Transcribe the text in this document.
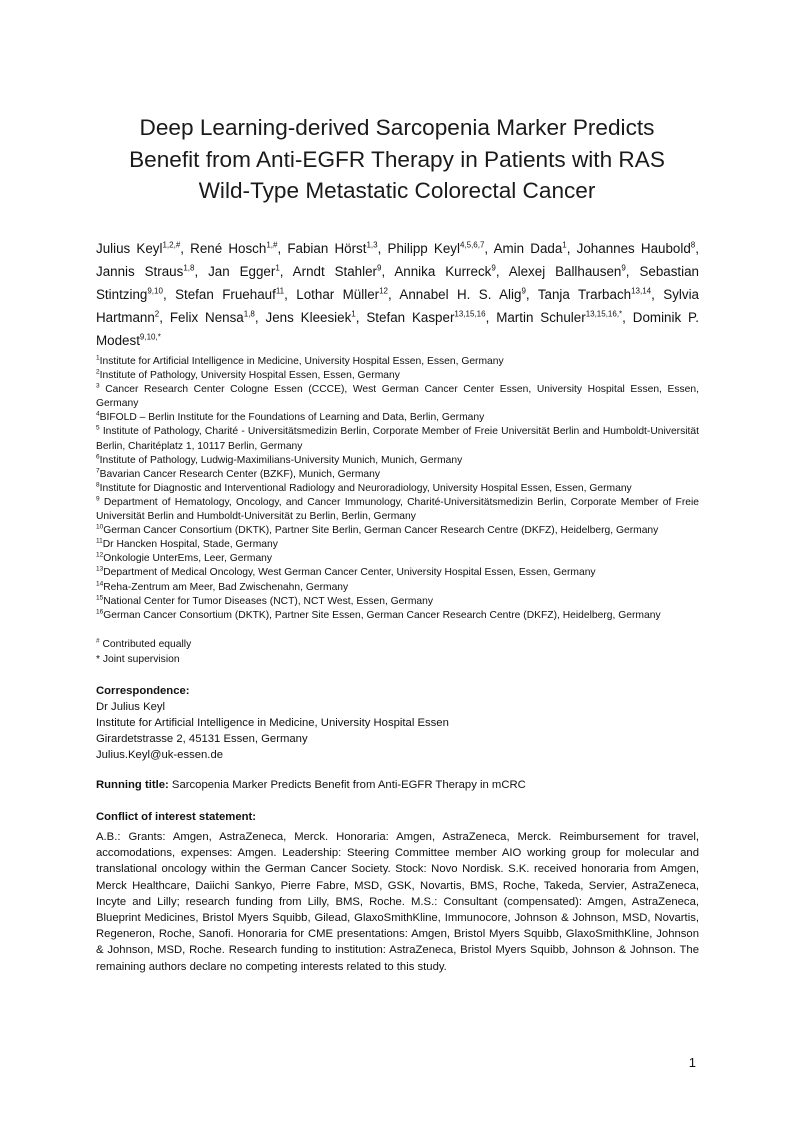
Deep Learning-derived Sarcopenia Marker Predicts
Benefit from Anti-EGFR Therapy in Patients with RAS
Wild-Type Metastatic Colorectal Cancer
Julius Keyl$^{1,2,\#}$, René Hosch$^{1,\#}$, Fabian Hörst$^{1,3}$, Philipp Keyl$^{4,5,6,7}$, Amin Dada$^1$, Johannes Haubold$^8$, Jannis Straus$^{1,8}$, Jan Egger$^1$, Arndt Stahler$^9$, Annika Kurreck$^9$, Alexej Ballhausen$^9$, Sebastian Stintzing$^{9,10}$, Stefan Fruehauf$^{11}$, Lothar Müller$^{12}$, Annabel H. S. Alig$^9$, Tanja Trarbach$^{13,14}$, Sylvia Hartmann$^2$, Felix Nensa$^{1,8}$, Jens Kleesiek$^1$, Stefan Kasper$^{13,15,16}$, Martin Schuler$^{13,15,16,*}$, Dominik P. Modest$^{9,10,*}$
$^1$Institute for Artificial Intelligence in Medicine, University Hospital Essen, Essen, Germany
$^2$Institute of Pathology, University Hospital Essen, Essen, Germany
$^3$ Cancer Research Center Cologne Essen (CCCE), West German Cancer Center Essen, University Hospital Essen, Essen, Germany
$^4$BIFOLD – Berlin Institute for the Foundations of Learning and Data, Berlin, Germany
$^5$ Institute of Pathology, Charité - Universitätsmedizin Berlin, Corporate Member of Freie Universität Berlin and Humboldt-Universität Berlin, Charitéplatz 1, 10117 Berlin, Germany
$^6$Institute of Pathology, Ludwig-Maximilians-University Munich, Munich, Germany
$^7$Bavarian Cancer Research Center (BZKF), Munich, Germany
$^8$Institute for Diagnostic and Interventional Radiology and Neuroradiology, University Hospital Essen, Essen, Germany
$^9$ Department of Hematology, Oncology, and Cancer Immunology, Charité-Universitätsmedizin Berlin, Corporate Member of Freie Universität Berlin and Humboldt-Universität zu Berlin, Berlin, Germany
$^{10}$German Cancer Consortium (DKTK), Partner Site Berlin, German Cancer Research Centre (DKFZ), Heidelberg, Germany
$^{11}$Dr Hancken Hospital, Stade, Germany
$^{12}$Onkologie UnterEms, Leer, Germany
$^{13}$Department of Medical Oncology, West German Cancer Center, University Hospital Essen, Essen, Germany
$^{14}$Reha-Zentrum am Meer, Bad Zwischenahn, Germany
$^{15}$National Center for Tumor Diseases (NCT), NCT West, Essen, Germany
$^{16}$German Cancer Consortium (DKTK), Partner Site Essen, German Cancer Research Centre (DKFZ), Heidelberg, Germany
# Contributed equally
* Joint supervision
Correspondence:
Dr Julius Keyl
Institute for Artificial Intelligence in Medicine, University Hospital Essen
Girardetstrasse 2, 45131 Essen, Germany
Julius.Keyl@uk-essen.de
Running title: Sarcopenia Marker Predicts Benefit from Anti-EGFR Therapy in mCRC
Conflict of interest statement:
A.B.: Grants: Amgen, AstraZeneca, Merck. Honoraria: Amgen, AstraZeneca, Merck. Reimbursement for travel, accomodations, expenses: Amgen. Leadership: Steering Committee member AIO working group for molecular and translational oncology within the German Cancer Society. Stock: Novo Nordisk. S.K. received honoraria from Amgen, Merck Healthcare, Daiichi Sankyo, Pierre Fabre, MSD, GSK, Novartis, BMS, Roche, Takeda, Servier, AstraZeneca, Incyte and Lilly; research funding from Lilly, BMS, Roche. M.S.: Consultant (compensated): Amgen, AstraZeneca, Blueprint Medicines, Bristol Myers Squibb, Gilead, GlaxoSmithKline, Immunocore, Johnson & Johnson, MSD, Novartis, Regeneron, Roche, Sanofi. Honoraria for CME presentations: Amgen, Bristol Myers Squibb, GlaxoSmithKline, Johnson & Johnson, MSD, Roche. Research funding to institution: AstraZeneca, Bristol Myers Squibb, Johnson & Johnson. The remaining authors declare no competing interests related to this study.
1
